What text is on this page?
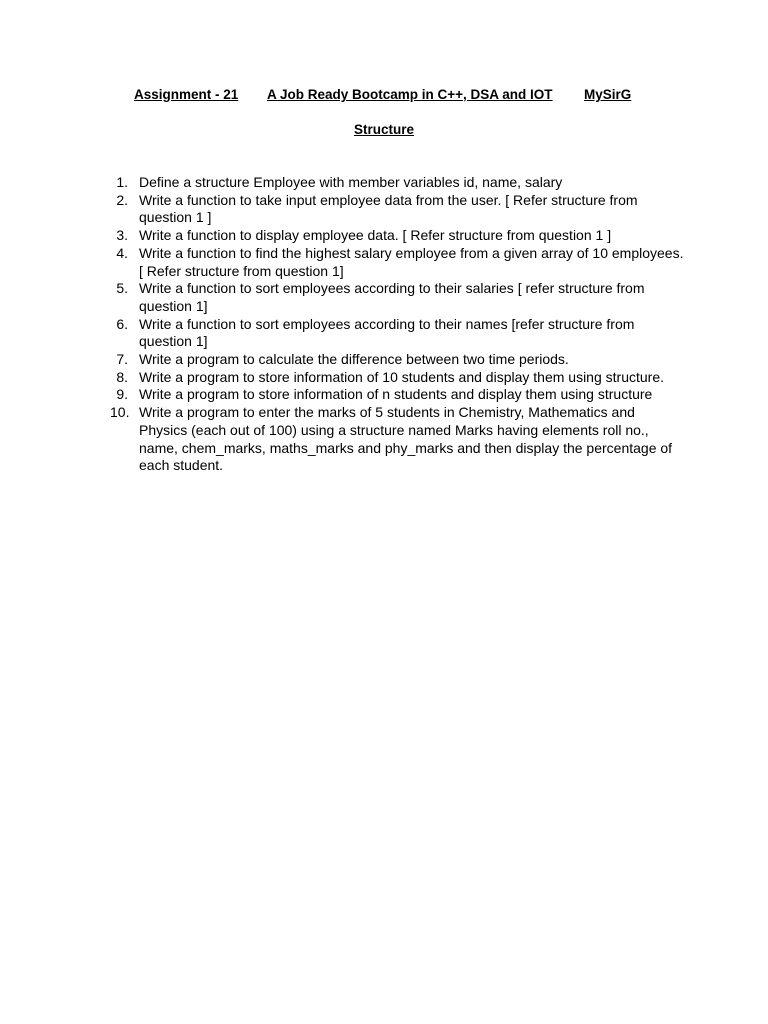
Assignment - 21 A Job Ready Bootcamp in C++, DSA and IOT MySirG
Structure
1. Define a structure Employee with member variables id, name, salary
2. Write a function to take input employee data from the user. [ Refer structure from question 1 ]
3. Write a function to display employee data. [ Refer structure from question 1 ]
4. Write a function to find the highest salary employee from a given array of 10 employees. [ Refer structure from question 1]
5. Write a function to sort employees according to their salaries [ refer structure from question 1]
6. Write a function to sort employees according to their names [refer structure from question 1]
7. Write a program to calculate the difference between two time periods.
8. Write a program to store information of 10 students and display them using structure.
9. Write a program to store information of n students and display them using structure
10. Write a program to enter the marks of 5 students in Chemistry, Mathematics and Physics (each out of 100) using a structure named Marks having elements roll no., name, chem_marks, maths_marks and phy_marks and then display the percentage of each student.
